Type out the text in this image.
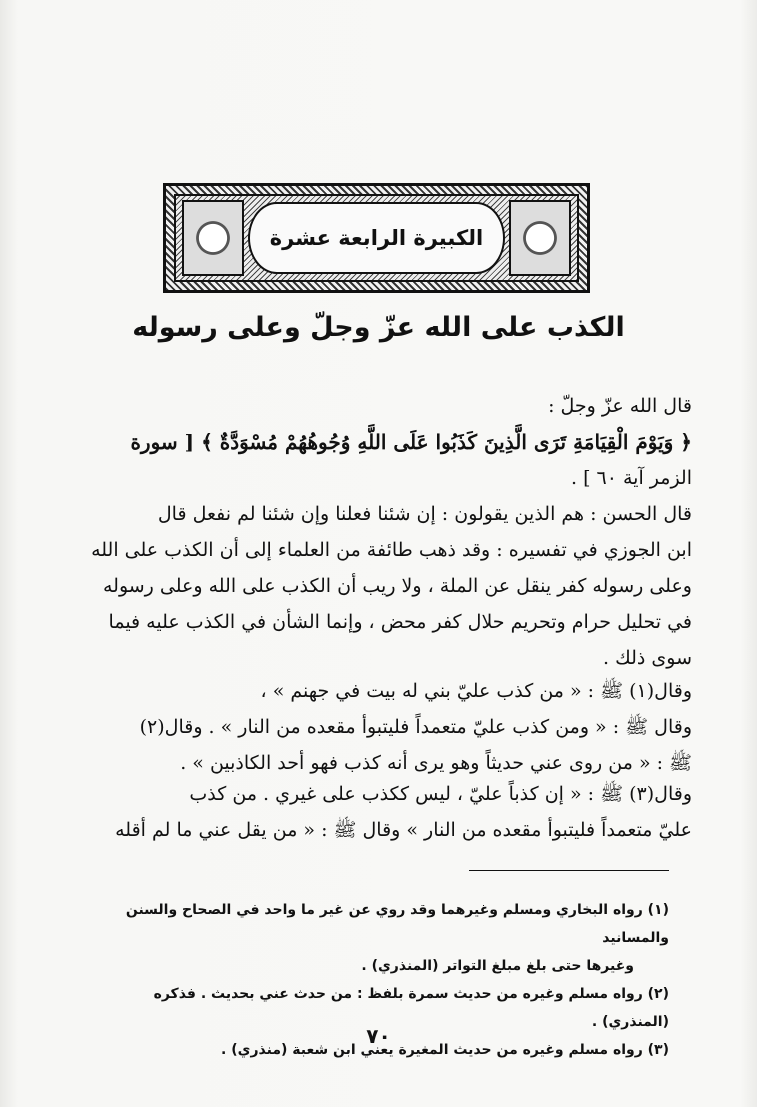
الكبيرة الرابعة عشرة
الكذب على الله عزّ وجلّ وعلى رسوله
قال الله عزّ وجلّ :
﴿ وَيَوْمَ الْقِيَامَةِ تَرَى الَّذِينَ كَذَبُوا عَلَى اللَّهِ وُجُوهُهُمْ مُسْوَدَّةٌ ﴾ [ سورة
الزمر آية ٦٠ ] .
قال الحسن : هم الذين يقولون : إن شئنا فعلنا وإن شئنا لم نفعل قال
ابن الجوزي في تفسيره : وقد ذهب طائفة من العلماء إلى أن الكذب على الله
وعلى رسوله كفر ينقل عن الملة ، ولا ريب أن الكذب على الله وعلى رسوله
في تحليل حرام وتحريم حلال كفر محض ، وإنما الشأن في الكذب عليه فيما
سوى ذلك .
وقال(١) ﷺ : « من كذب عليّ بني له بيت في جهنم » ،
وقال ﷺ : « ومن كذب عليّ متعمداً فليتبوأ مقعده من النار » . وقال(٢)
ﷺ : « من روى عني حديثاً وهو يرى أنه كذب فهو أحد الكاذبين » .
وقال(٣) ﷺ : « إن كذباً عليّ ، ليس ككذب على غيري . من كذب
عليّ متعمداً فليتبوأ مقعده من النار » وقال ﷺ : « من يقل عني ما لم أقله
(١) رواه البخاري ومسلم وغيرهما وقد روي عن غير ما واحد في الصحاح والسنن والمسانيد
وغيرها حتى بلغ مبلغ التواتر (المنذري) .
(٢) رواه مسلم وغيره من حديث سمرة بلفظ : من حدث عني بحديث . فذكره (المنذري) .
(٣) رواه مسلم وغيره من حديث المغيرة يعني ابن شعبة (منذري) .
٧٠
